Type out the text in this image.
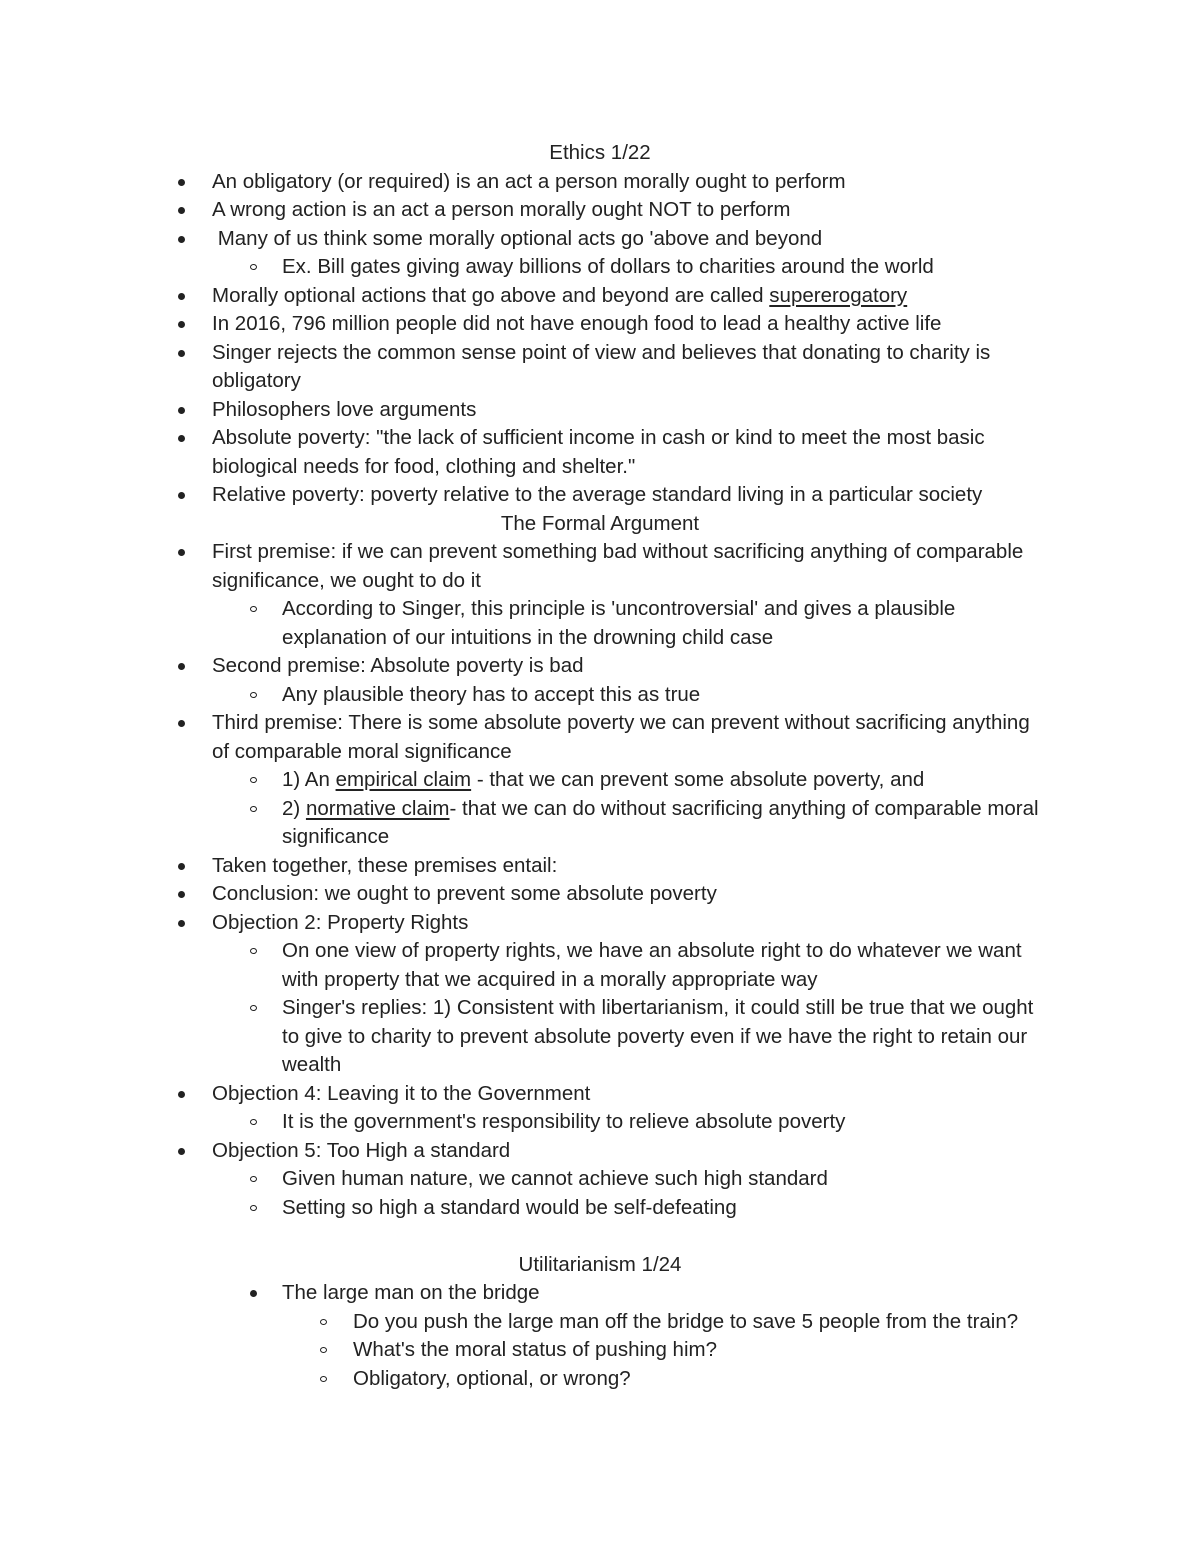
Ethics 1/22
An obligatory (or required) is an act a person morally ought to perform
A wrong action is an act a person morally ought NOT to perform
Many of us think some morally optional acts go 'above and beyond
Ex. Bill gates giving away billions of dollars to charities around the world
Morally optional actions that go above and beyond are called supererogatory
In 2016, 796 million people did not have enough food to lead a healthy active life
Singer rejects the common sense point of view and believes that donating to charity is obligatory
Philosophers love arguments
Absolute poverty: "the lack of sufficient income in cash or kind to meet the most basic biological needs for food, clothing and shelter."
Relative poverty: poverty relative to the average standard living in a particular society
The Formal Argument
First premise: if we can prevent something bad without sacrificing anything of comparable significance, we ought to do it
According to Singer, this principle is 'uncontroversial' and gives a plausible explanation of our intuitions in the drowning child case
Second premise: Absolute poverty is bad
Any plausible theory has to accept this as true
Third premise: There is some absolute poverty we can prevent without sacrificing anything of comparable moral significance
1) An empirical claim - that we can prevent some absolute poverty, and
2) normative claim- that we can do without sacrificing anything of comparable moral significance
Taken together, these premises entail:
Conclusion: we ought to prevent some absolute poverty
Objection 2: Property Rights
On one view of property rights, we have an absolute right to do whatever we want with property that we acquired in a morally appropriate way
Singer's replies: 1) Consistent with libertarianism, it could still be true that we ought to give to charity to prevent absolute poverty even if we have the right to retain our wealth
Objection 4: Leaving it to the Government
It is the government's responsibility to relieve absolute poverty
Objection 5: Too High a standard
Given human nature, we cannot achieve such high standard
Setting so high a standard would be self-defeating
Utilitarianism 1/24
The large man on the bridge
Do you push the large man off the bridge to save 5 people from the train?
What's the moral status of pushing him?
Obligatory, optional, or wrong?
